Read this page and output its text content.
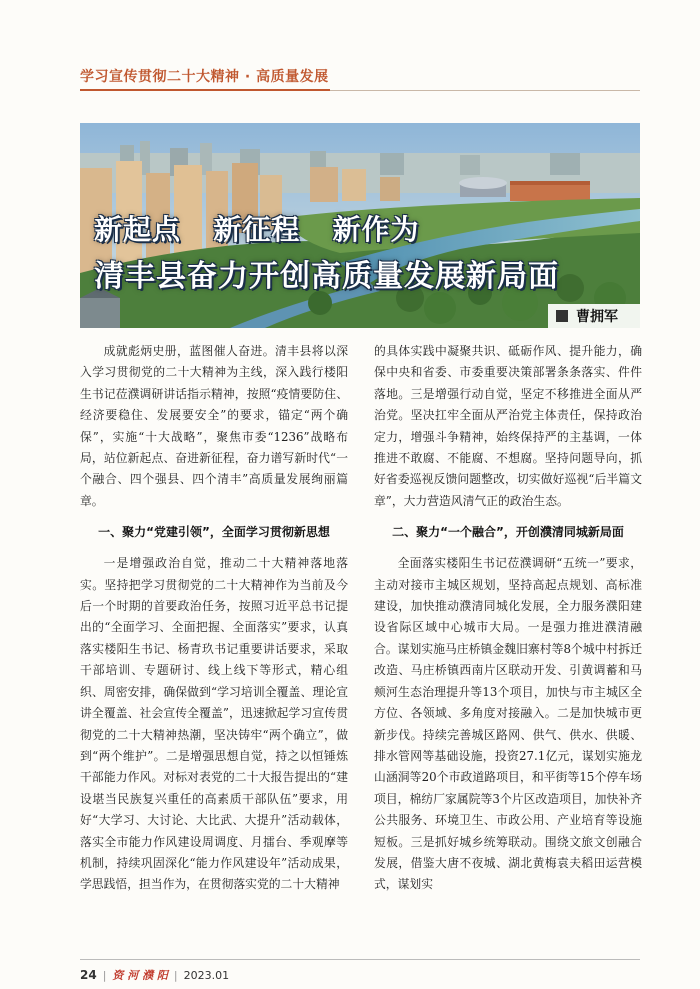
学习宣传贯彻二十大精神 · 高质量发展
新起点   新征程   新作为
清丰县奋力开创高质量发展新局面
曹拥军

成就彪炳史册，蓝图催人奋进。清丰县将以深入学习贯彻党的二十大精神为主线，深入践行楼阳生书记莅濮调研讲话指示精神，按照“疫情要防住、经济要稳住、发展要安全”的要求，锚定“两个确保”，实施“十大战略”，聚焦市委“1236”战略布局，站位新起点、奋进新征程，奋力谱写新时代“一个融合、四个强县、四个清丰”高质量发展绚丽篇章。

一、聚力“党建引领”，全面学习贯彻新思想

一是增强政治自觉，推动二十大精神落地落实。坚持把学习贯彻党的二十大精神作为当前及今后一个时期的首要政治任务，按照习近平总书记提出的“全面学习、全面把握、全面落实”要求，认真落实楼阳生书记、杨青玖书记重要讲话要求，采取干部培训、专题研讨、线上线下等形式，精心组织、周密安排，确保做到“学习培训全覆盖、理论宣讲全覆盖、社会宣传全覆盖”，迅速掀起学习宣传贯彻党的二十大精神热潮，坚决铸牢“两个确立”，做到“两个维护”。二是增强思想自觉，持之以恒锤炼干部能力作风。对标对表党的二十大报告提出的“建设堪当民族复兴重任的高素质干部队伍”要求，用好“大学习、大讨论、大比武、大提升”活动载体，落实全市能力作风建设周调度、月擂台、季观摩等机制，持续巩固深化“能力作风建设年”活动成果，学思践悟，担当作为，在贯彻落实党的二十大精神

的具体实践中凝聚共识、砥砺作风、提升能力，确保中央和省委、市委重要决策部署条条落实、件件落地。三是增强行动自觉，坚定不移推进全面从严治党。坚决扛牢全面从严治党主体责任，保持政治定力，增强斗争精神，始终保持严的主基调，一体推进不敢腐、不能腐、不想腐。坚持问题导向，抓好省委巡视反馈问题整改，切实做好巡视“后半篇文章”，大力营造风清气正的政治生态。

二、聚力“一个融合”，开创濮清同城新局面

全面落实楼阳生书记莅濮调研“五统一”要求，主动对接市主城区规划，坚持高起点规划、高标准建设，加快推动濮清同城化发展，全力服务濮阳建设省际区域中心城市大局。一是强力推进濮清融合。谋划实施马庄桥镇金魏旧寨村等8个城中村拆迁改造、马庄桥镇西南片区联动开发、引黄调蓄和马颊河生态治理提升等13个项目，加快与市主城区全方位、各领域、多角度对接融入。二是加快城市更新步伐。持续完善城区路网、供气、供水、供暖、排水管网等基础设施，投资27.1亿元，谋划实施龙山涵洞等20个市政道路项目，和平街等15个停车场项目，棉纺厂家属院等3个片区改造项目，加快补齐公共服务、环境卫生、市政公用、产业培育等设施短板。三是抓好城乡统筹联动。围绕文旅文创融合发展，借鉴大唐不夜城、湖北黄梅袁夫稻田运营模式，谋划实

24 | 资 河 濮 阳 | 2023.01
